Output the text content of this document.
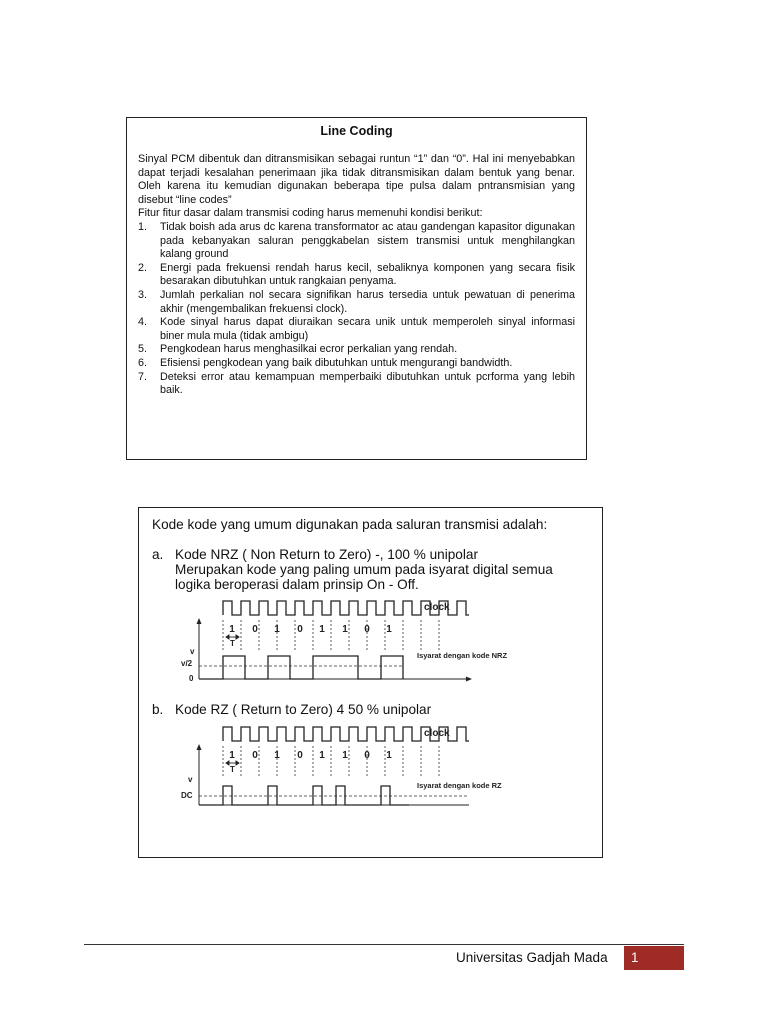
Line Coding

Sinyal PCM dibentuk dan ditransmisikan sebagai runtun “1” dan “0”. Hal ini menyebabkan dapat terjadi kesalahan penerimaan jika tidak ditransmisikan dalam bentuk yang benar. Oleh karena itu kemudian digunakan beberapa tipe pulsa dalam pntransmisian yang disebut “line codes”

Fitur fitur dasar dalam transmisi coding harus memenuhi kondisi berikut:

1. Tidak boish ada arus dc karena transformator ac atau gandengan kapasitor digunakan pada kebanyakan saluran penggkabelan sistem transmisi untuk menghilangkan kalang ground
2. Energi pada frekuensi rendah harus kecil, sebaliknya komponen yang secara fisik besarakan dibutuhkan untuk rangkaian penyama.
3. Jumlah perkalian nol secara signifikan harus tersedia untuk pewatuan di penerima akhir (mengembalikan frekuensi clock).
4. Kode sinyal harus dapat diuraikan secara unik untuk memperoleh sinyal informasi biner mula mula (tidak ambigu)
5. Pengkodean harus menghasilkai ecror perkalian yang rendah.
6. Efisiensi pengkodean yang baik dibutuhkan untuk mengurangi bandwidth.
7. Deteksi error atau kemampuan memperbaiki dibutuhkan untuk pcrforma yang lebih baik.

Kode kode yang umum digunakan pada saluran transmisi adalah:

a. Kode NRZ ( Non Return to Zero) -, 100 % unipolar
Merupakan kode yang paling umum pada isyarat digital semua
logika beroperasi dalam prinsip On - Off.
clock
1 0 1 0 1 1 0 1
T
v
v/2
0
Isyarat dengan kode NRZ
b. Kode RZ ( Return to Zero) 4 50 % unipolar
clock
1 0 1 0 1 1 0 1
T
v
DC
Isyarat dengan kode RZ
Universitas Gadjah Mada	1
